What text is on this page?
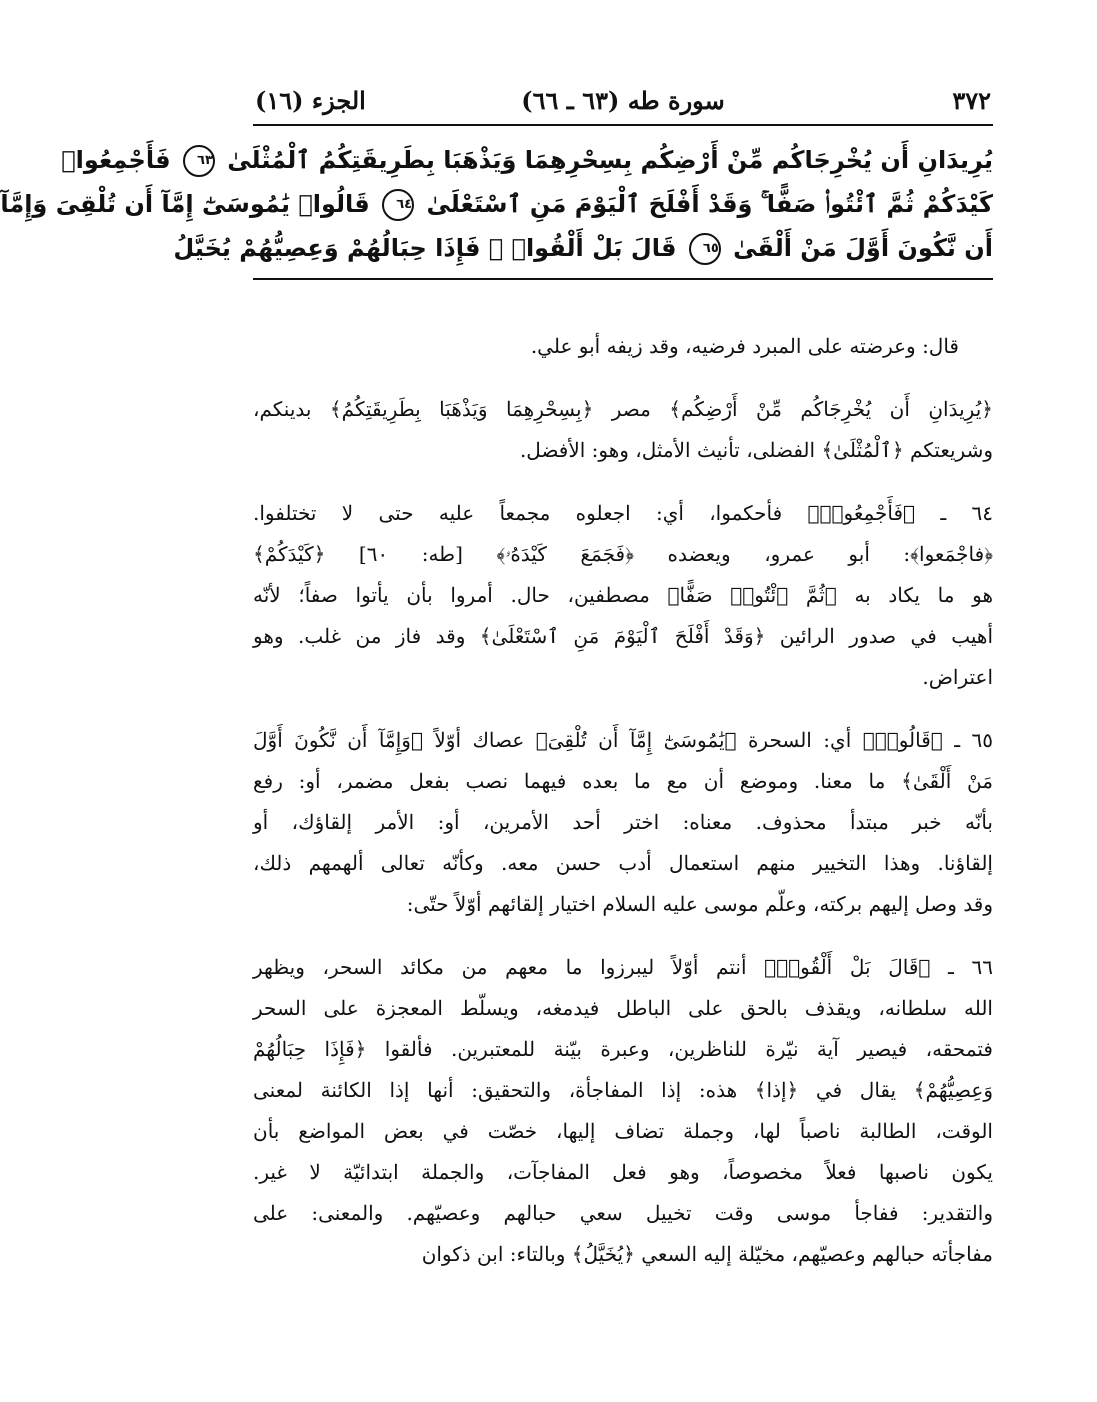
٣٧٢
سورة طه (٦٣ ـ ٦٦)
الجزء (١٦)
يُرِيدَانِ أَن يُخْرِجَاكُم مِّنْ أَرْضِكُم بِسِحْرِهِمَا وَيَذْهَبَا بِطَرِيقَتِكُمُ ٱلْمُثْلَىٰ ٦٣ فَأَجْمِعُوا۟
كَيْدَكُمْ ثُمَّ ٱئْتُوا۟ صَفًّا ۚ وَقَدْ أَفْلَحَ ٱلْيَوْمَ مَنِ ٱسْتَعْلَىٰ ٦٤ قَالُوا۟ يَٰمُوسَىٰٓ إِمَّآ أَن تُلْقِىَ وَإِمَّآ
أَن نَّكُونَ أَوَّلَ مَنْ أَلْقَىٰ ٦٥ قَالَ بَلْ أَلْقُوا۟ ۖ فَإِذَا حِبَالُهُمْ وَعِصِيُّهُمْ يُخَيَّلُ

قال: وعرضته على المبرد فرضيه، وقد زيفه أبو علي.

﴿يُرِيدَانِ أَن يُخْرِجَاكُم مِّنْ أَرْضِكُم﴾ مصر ﴿بِسِحْرِهِمَا وَيَذْهَبَا بِطَرِيقَتِكُمُ﴾ بدينكم،
وشريعتكم ﴿ٱلْمُثْلَىٰ﴾ الفضلى، تأنيث الأمثل، وهو: الأفضل.

٦٤ ـ ﴿فَأَجْمِعُوا۟﴾ فأحكموا، أي: اجعلوه مجمعاً عليه حتى لا تختلفوا.
﴿فاجْمَعوا﴾: أبو عمرو، ويعضده ﴿فَجَمَعَ كَيْدَهُۥ﴾ [طه: ٦٠] ﴿كَيْدَكُمْ﴾
هو ما يكاد به ﴿ثُمَّ ٱئْتُوا۟ صَفًّا﴾ مصطفين، حال. أمروا بأن يأتوا صفاً؛ لأنّه
أهيب في صدور الرائين ﴿وَقَدْ أَفْلَحَ ٱلْيَوْمَ مَنِ ٱسْتَعْلَىٰ﴾ وقد فاز من غلب. وهو
اعتراض.

٦٥ ـ ﴿قَالُوا۟﴾ أي: السحرة ﴿يَٰمُوسَىٰٓ إِمَّآ أَن تُلْقِىَ﴾ عصاك أوّلاً ﴿وَإِمَّآ أَن نَّكُونَ أَوَّلَ
مَنْ أَلْقَىٰ﴾ ما معنا. وموضع أن مع ما بعده فيهما نصب بفعل مضمر، أو: رفع
بأنّه خبر مبتدأ محذوف. معناه: اختر أحد الأمرين، أو: الأمر إلقاؤك، أو
إلقاؤنا. وهذا التخيير منهم استعمال أدب حسن معه. وكأنّه تعالى ألهمهم ذلك،
وقد وصل إليهم بركته، وعلّم موسى عليه السلام اختيار إلقائهم أوّلاً حتّى:

٦٦ ـ ﴿قَالَ بَلْ أَلْقُوا۟﴾ أنتم أوّلاً ليبرزوا ما معهم من مكائد السحر، ويظهر
الله سلطانه، ويقذف بالحق على الباطل فيدمغه، ويسلّط المعجزة على السحر
فتمحقه، فيصير آية نيّرة للناظرين، وعبرة بيّنة للمعتبرين. فألقوا ﴿فَإِذَا حِبَالُهُمْ
وَعِصِيُّهُمْ﴾ يقال في ﴿إذا﴾ هذه: إذا المفاجأة، والتحقيق: أنها إذا الكائنة لمعنى
الوقت، الطالبة ناصباً لها، وجملة تضاف إليها، خصّت في بعض المواضع بأن
يكون ناصبها فعلاً مخصوصاً، وهو فعل المفاجآت، والجملة ابتدائيّة لا غير.
والتقدير: ففاجأ موسى وقت تخييل سعي حبالهم وعصيّهم. والمعنى: على
مفاجأته حبالهم وعصيّهم، مخيّلة إليه السعي ﴿يُخَيَّلُ﴾ وبالتاء: ابن ذكوان
